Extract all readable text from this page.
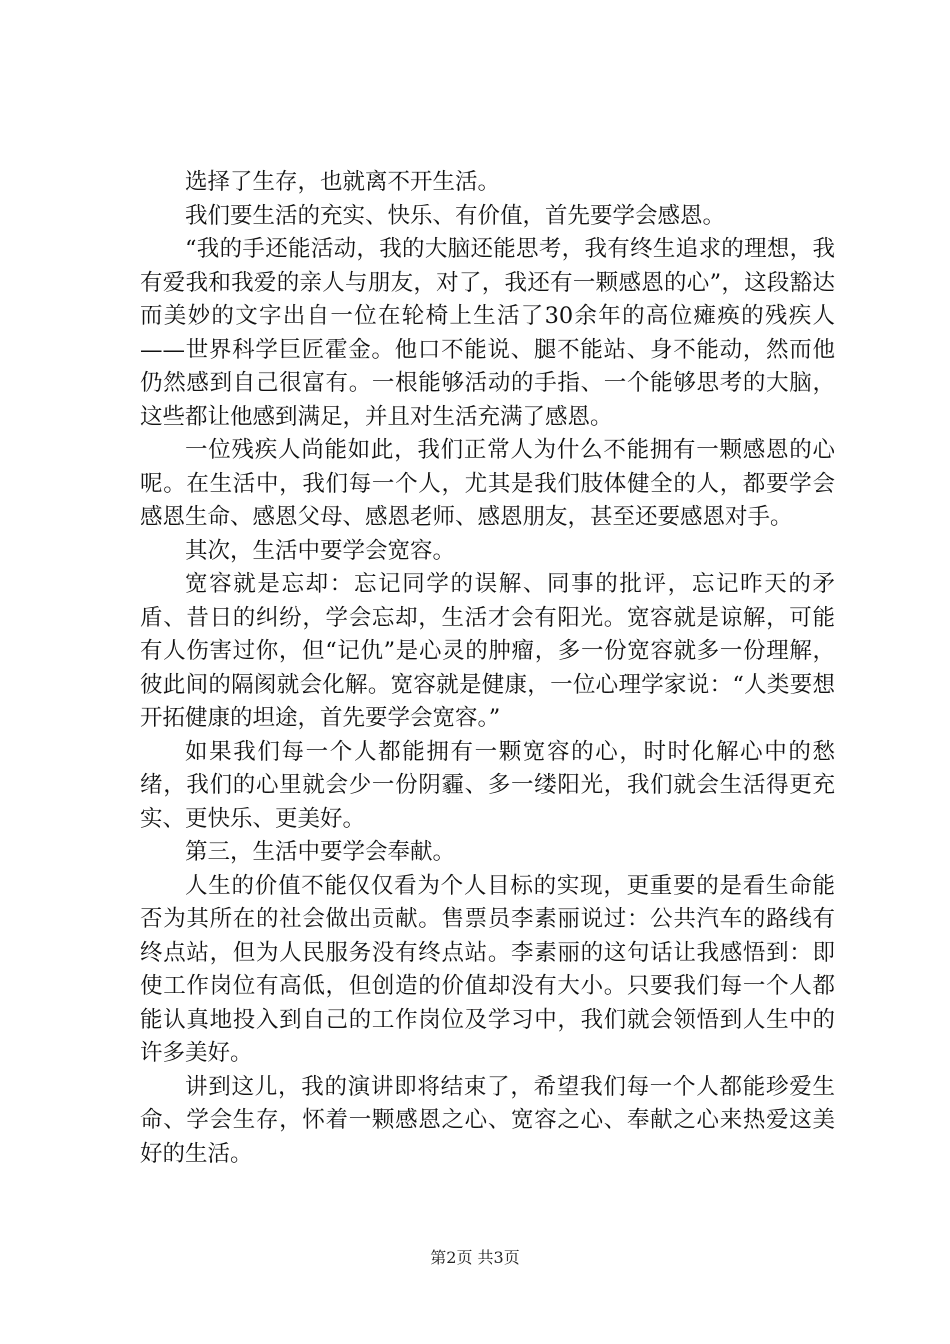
选择了生存，也就离不开生活。

我们要生活的充实、快乐、有价值，首先要学会感恩。

“我的手还能活动，我的大脑还能思考，我有终生追求的理想，我有爱我和我爱的亲人与朋友，对了，我还有一颗感恩的心”，这段豁达而美妙的文字出自一位在轮椅上生活了30余年的高位瘫痪的残疾人——世界科学巨匠霍金。他口不能说、腿不能站、身不能动，然而他仍然感到自己很富有。一根能够活动的手指、一个能够思考的大脑，这些都让他感到满足，并且对生活充满了感恩。

一位残疾人尚能如此，我们正常人为什么不能拥有一颗感恩的心呢。在生活中，我们每一个人，尤其是我们肢体健全的人，都要学会感恩生命、感恩父母、感恩老师、感恩朋友，甚至还要感恩对手。

其次，生活中要学会宽容。

宽容就是忘却：忘记同学的误解、同事的批评，忘记昨天的矛盾、昔日的纠纷，学会忘却，生活才会有阳光。宽容就是谅解，可能有人伤害过你，但“记仇”是心灵的肿瘤，多一份宽容就多一份理解，彼此间的隔阂就会化解。宽容就是健康，一位心理学家说：“人类要想开拓健康的坦途，首先要学会宽容。”

如果我们每一个人都能拥有一颗宽容的心，时时化解心中的愁绪，我们的心里就会少一份阴霾、多一缕阳光，我们就会生活得更充实、更快乐、更美好。

第三，生活中要学会奉献。

人生的价值不能仅仅看为个人目标的实现，更重要的是看生命能否为其所在的社会做出贡献。售票员李素丽说过：公共汽车的路线有终点站，但为人民服务没有终点站。李素丽的这句话让我感悟到：即使工作岗位有高低，但创造的价值却没有大小。只要我们每一个人都能认真地投入到自己的工作岗位及学习中，我们就会领悟到人生中的许多美好。

讲到这儿，我的演讲即将结束了，希望我们每一个人都能珍爱生命、学会生存，怀着一颗感恩之心、宽容之心、奉献之心来热爱这美好的生活。

第2页 共3页
